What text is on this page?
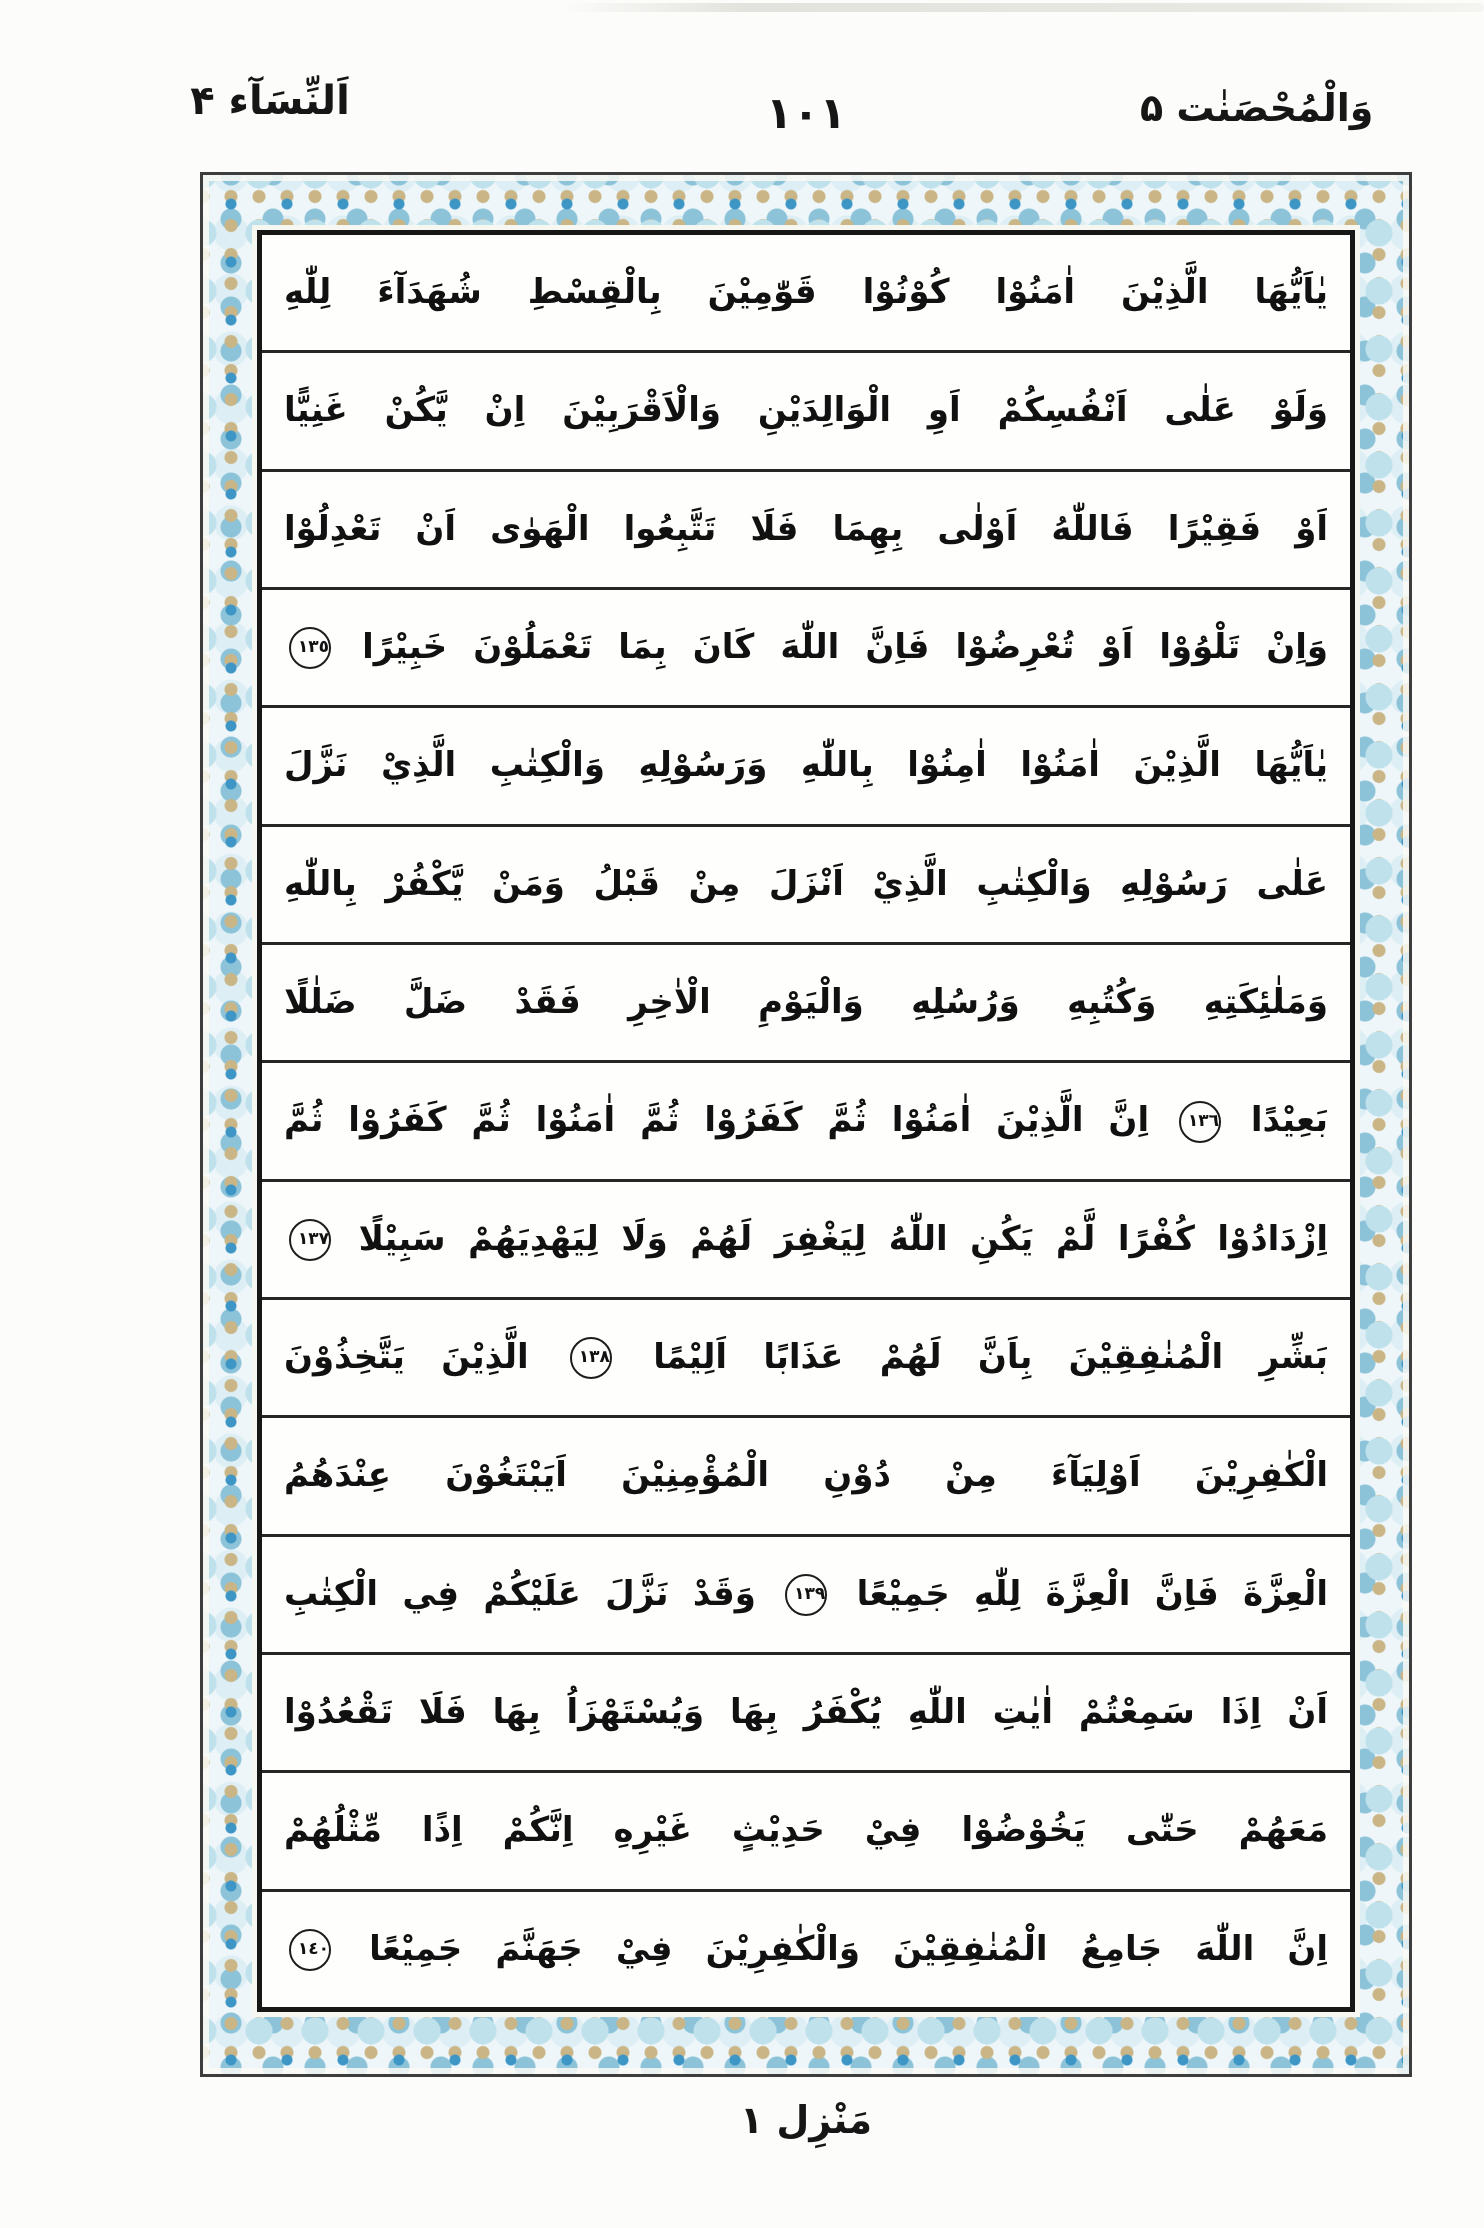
اَلنِّسَآء ۴	١٠١	وَالْمُحْصَنٰت ۵
يٰاَيُّهَا الَّذِيْنَ اٰمَنُوْا كُوْنُوْا قَوّٰمِيْنَ بِالْقِسْطِ شُهَدَآءَ لِلّٰهِ
وَلَوْ عَلٰى اَنْفُسِكُمْ اَوِ الْوَالِدَيْنِ وَالْاَقْرَبِيْنَ اِنْ يَّكُنْ غَنِيًّا
اَوْ فَقِيْرًا فَاللّٰهُ اَوْلٰى بِهِمَا فَلَا تَتَّبِعُوا الْهَوٰى اَنْ تَعْدِلُوْا
وَاِنْ تَلْوُوْا اَوْ تُعْرِضُوْا فَاِنَّ اللّٰهَ كَانَ بِمَا تَعْمَلُوْنَ خَبِيْرًا ١٣٥
يٰاَيُّهَا الَّذِيْنَ اٰمَنُوْا اٰمِنُوْا بِاللّٰهِ وَرَسُوْلِهِ وَالْكِتٰبِ الَّذِيْ نَزَّلَ
عَلٰى رَسُوْلِهِ وَالْكِتٰبِ الَّذِيْ اَنْزَلَ مِنْ قَبْلُ وَمَنْ يَّكْفُرْ بِاللّٰهِ
وَمَلٰئِكَتِهِ وَكُتُبِهِ وَرُسُلِهِ وَالْيَوْمِ الْاٰخِرِ فَقَدْ ضَلَّ ضَلٰلًا
بَعِيْدًا ١٣٦ اِنَّ الَّذِيْنَ اٰمَنُوْا ثُمَّ كَفَرُوْا ثُمَّ اٰمَنُوْا ثُمَّ كَفَرُوْا ثُمَّ
اِزْدَادُوْا كُفْرًا لَّمْ يَكُنِ اللّٰهُ لِيَغْفِرَ لَهُمْ وَلَا لِيَهْدِيَهُمْ سَبِيْلًا ١٣٧
بَشِّرِ الْمُنٰفِقِيْنَ بِاَنَّ لَهُمْ عَذَابًا اَلِيْمًا ١٣٨ الَّذِيْنَ يَتَّخِذُوْنَ
الْكٰفِرِيْنَ اَوْلِيَآءَ مِنْ دُوْنِ الْمُؤْمِنِيْنَ اَيَبْتَغُوْنَ عِنْدَهُمُ
الْعِزَّةَ فَاِنَّ الْعِزَّةَ لِلّٰهِ جَمِيْعًا ١٣٩ وَقَدْ نَزَّلَ عَلَيْكُمْ فِي الْكِتٰبِ
اَنْ اِذَا سَمِعْتُمْ اٰيٰتِ اللّٰهِ يُكْفَرُ بِهَا وَيُسْتَهْزَاُ بِهَا فَلَا تَقْعُدُوْا
مَعَهُمْ حَتّٰى يَخُوْضُوْا فِيْ حَدِيْثٍ غَيْرِهِ اِنَّكُمْ اِذًا مِّثْلُهُمْ
اِنَّ اللّٰهَ جَامِعُ الْمُنٰفِقِيْنَ وَالْكٰفِرِيْنَ فِيْ جَهَنَّمَ جَمِيْعًا ١٤٠
مَنْزِل ١
